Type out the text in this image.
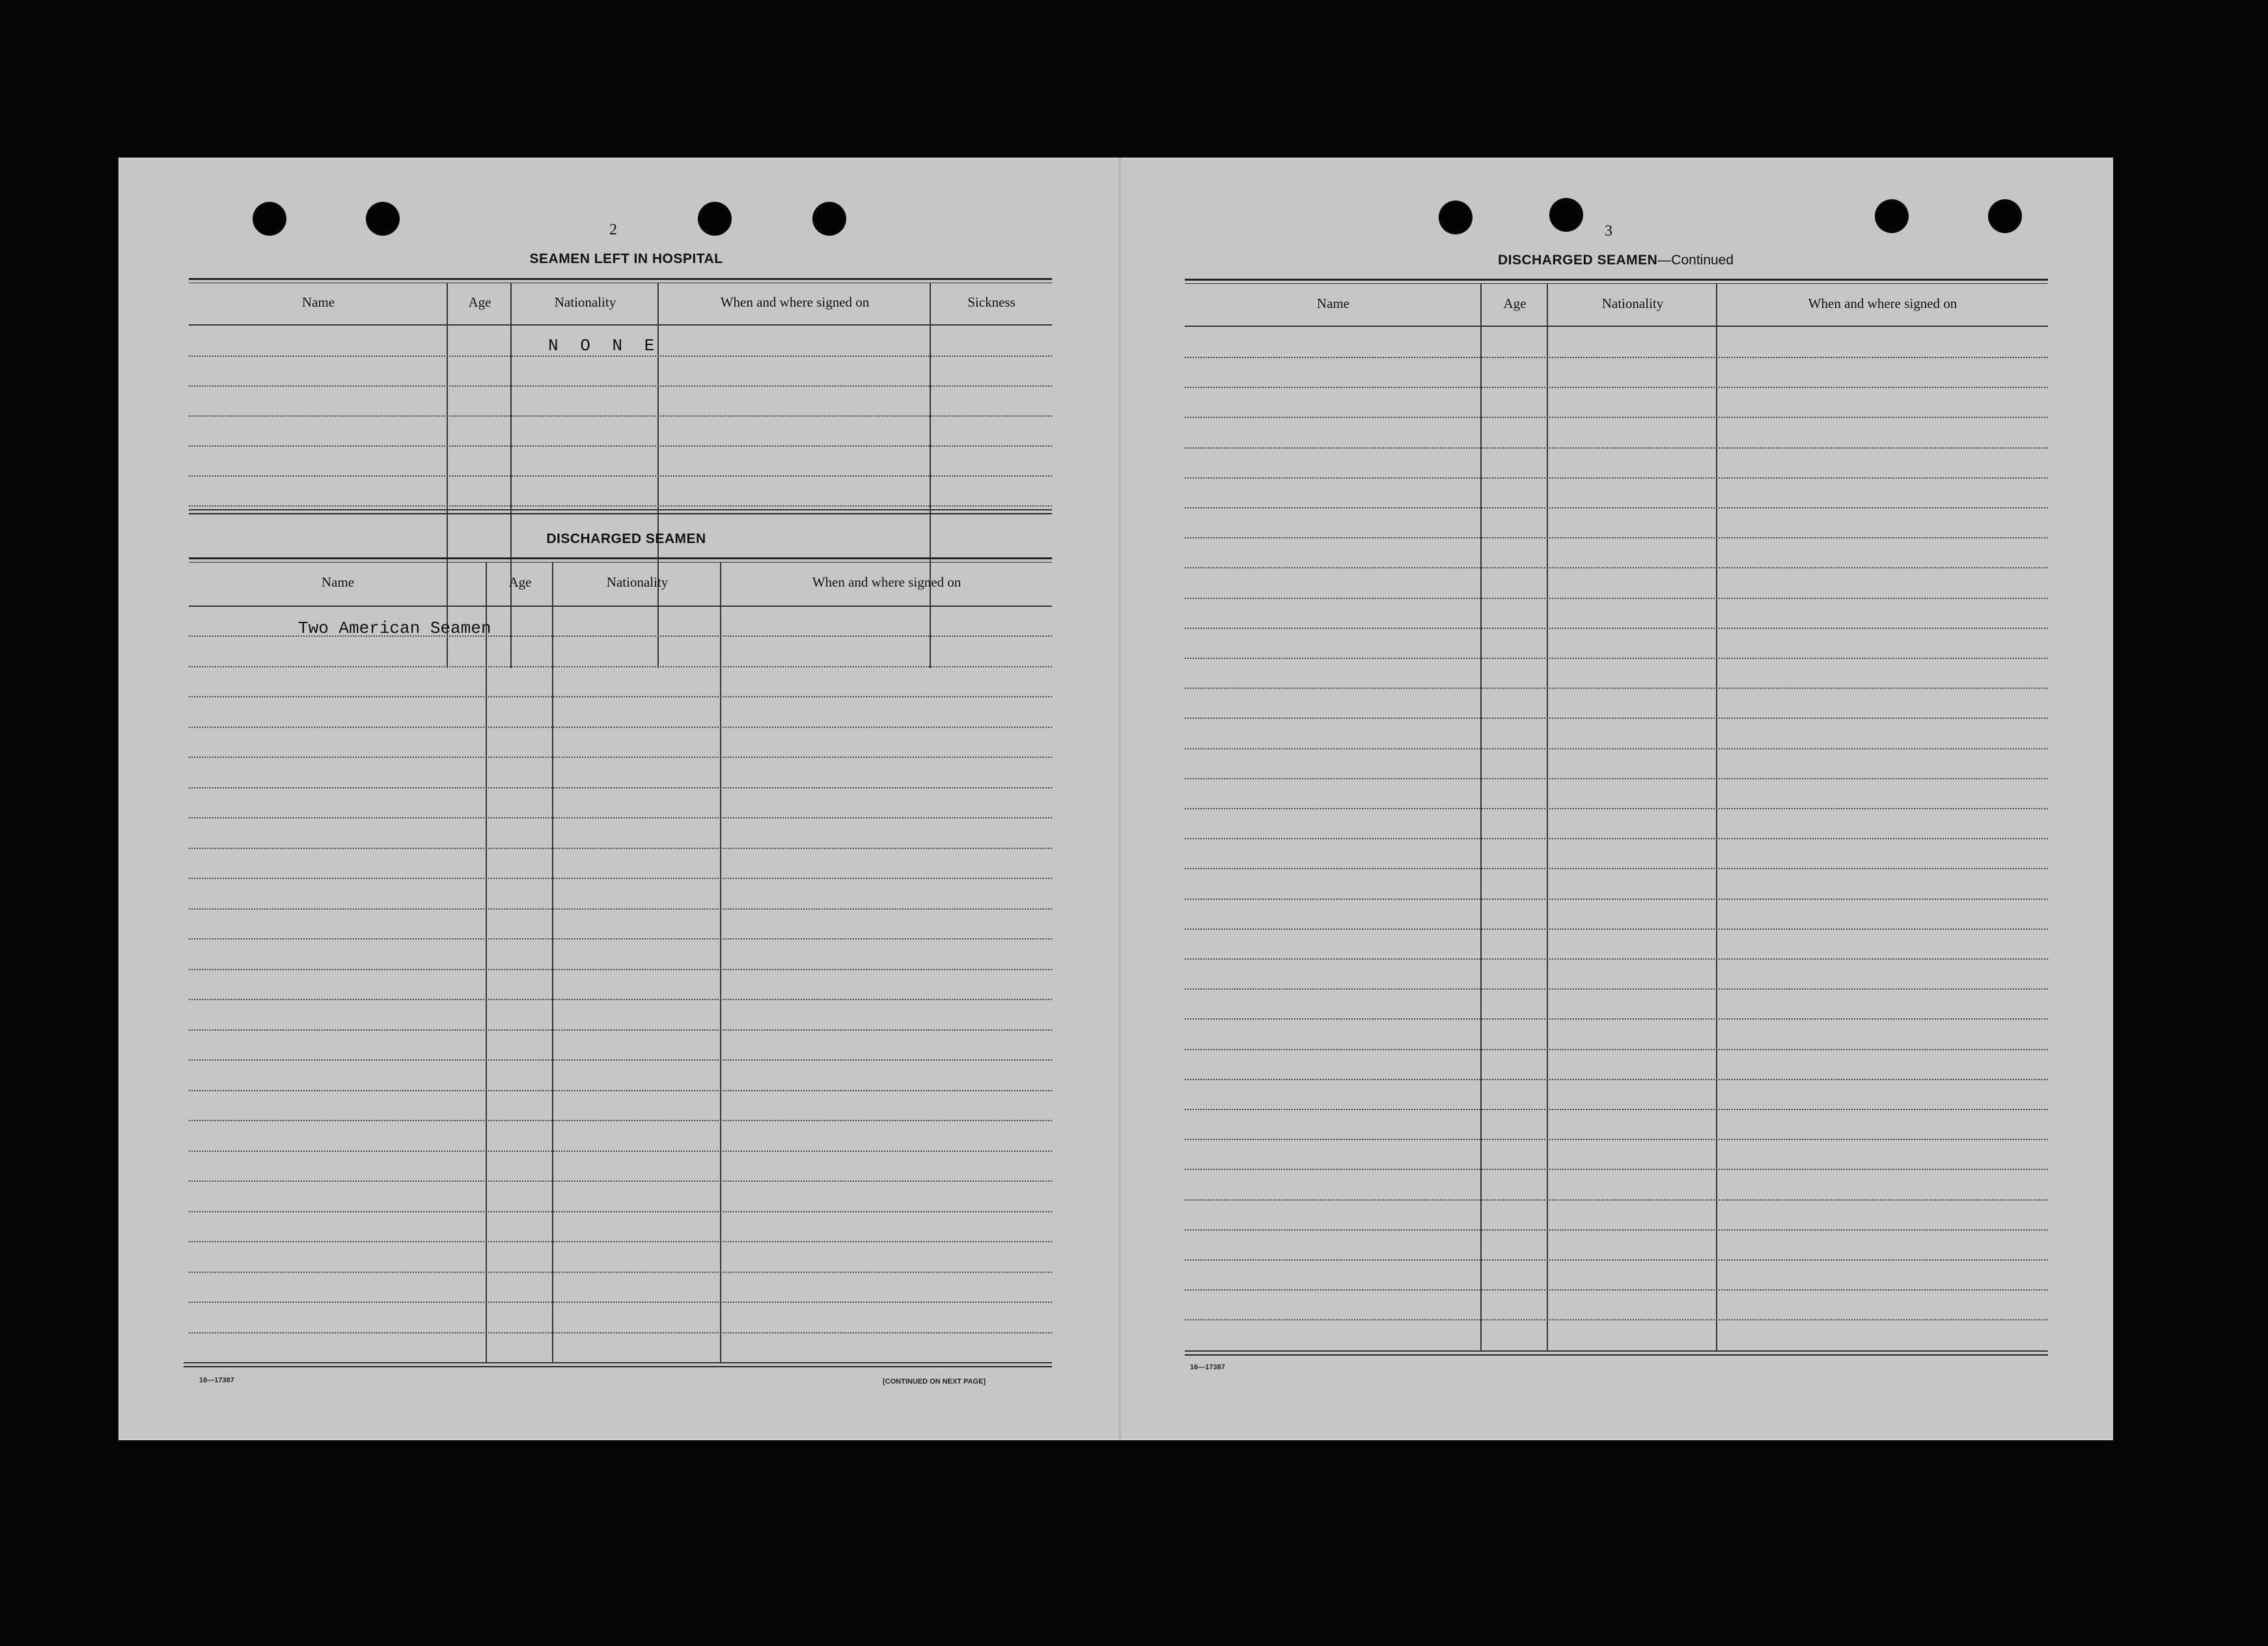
2
SEAMEN LEFT IN HOSPITAL
Name	Age	Nationality	When and where signed on	Sickness
N O N E
DISCHARGED SEAMEN
Name	Age	Nationality	When and where signed on
Two American Seamen
16—17387	[CONTINUED ON NEXT PAGE]
3
DISCHARGED SEAMEN—Continued
Name	Age	Nationality	When and where signed on
16—17387
